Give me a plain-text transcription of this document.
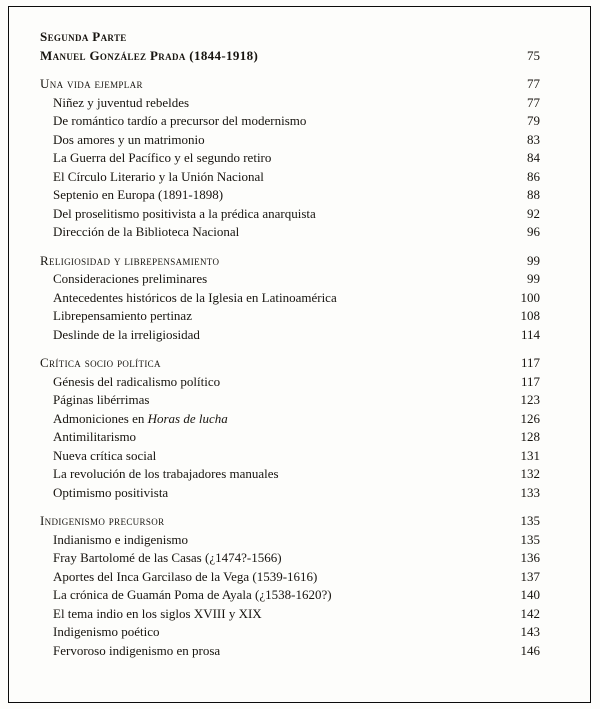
Segunda Parte
Manuel González Prada (1844-1918)	75
Una vida ejemplar	77
Niñez y juventud rebeldes	77
De romántico tardío a precursor del modernismo	79
Dos amores y un matrimonio	83
La Guerra del Pacífico y el segundo retiro	84
El Círculo Literario y la Unión Nacional	86
Septenio en Europa (1891-1898)	88
Del proselitismo positivista a la prédica anarquista	92
Dirección de la Biblioteca Nacional	96
Religiosidad y librepensamiento	99
Consideraciones preliminares	99
Antecedentes históricos de la Iglesia en Latinoamérica	100
Librepensamiento pertinaz	108
Deslinde de la irreligiosidad	114
Crítica socio política	117
Génesis del radicalismo político	117
Páginas libérrimas	123
Admoniciones en Horas de lucha	126
Antimilitarismo	128
Nueva crítica social	131
La revolución de los trabajadores manuales	132
Optimismo positivista	133
Indigenismo precursor	135
Indianismo e indigenismo	135
Fray Bartolomé de las Casas (¿1474?-1566)	136
Aportes del Inca Garcilaso de la Vega (1539-1616)	137
La crónica de Guamán Poma de Ayala (¿1538-1620?)	140
El tema indio en los siglos XVIII y XIX	142
Indigenismo poético	143
Fervoroso indigenismo en prosa	146
